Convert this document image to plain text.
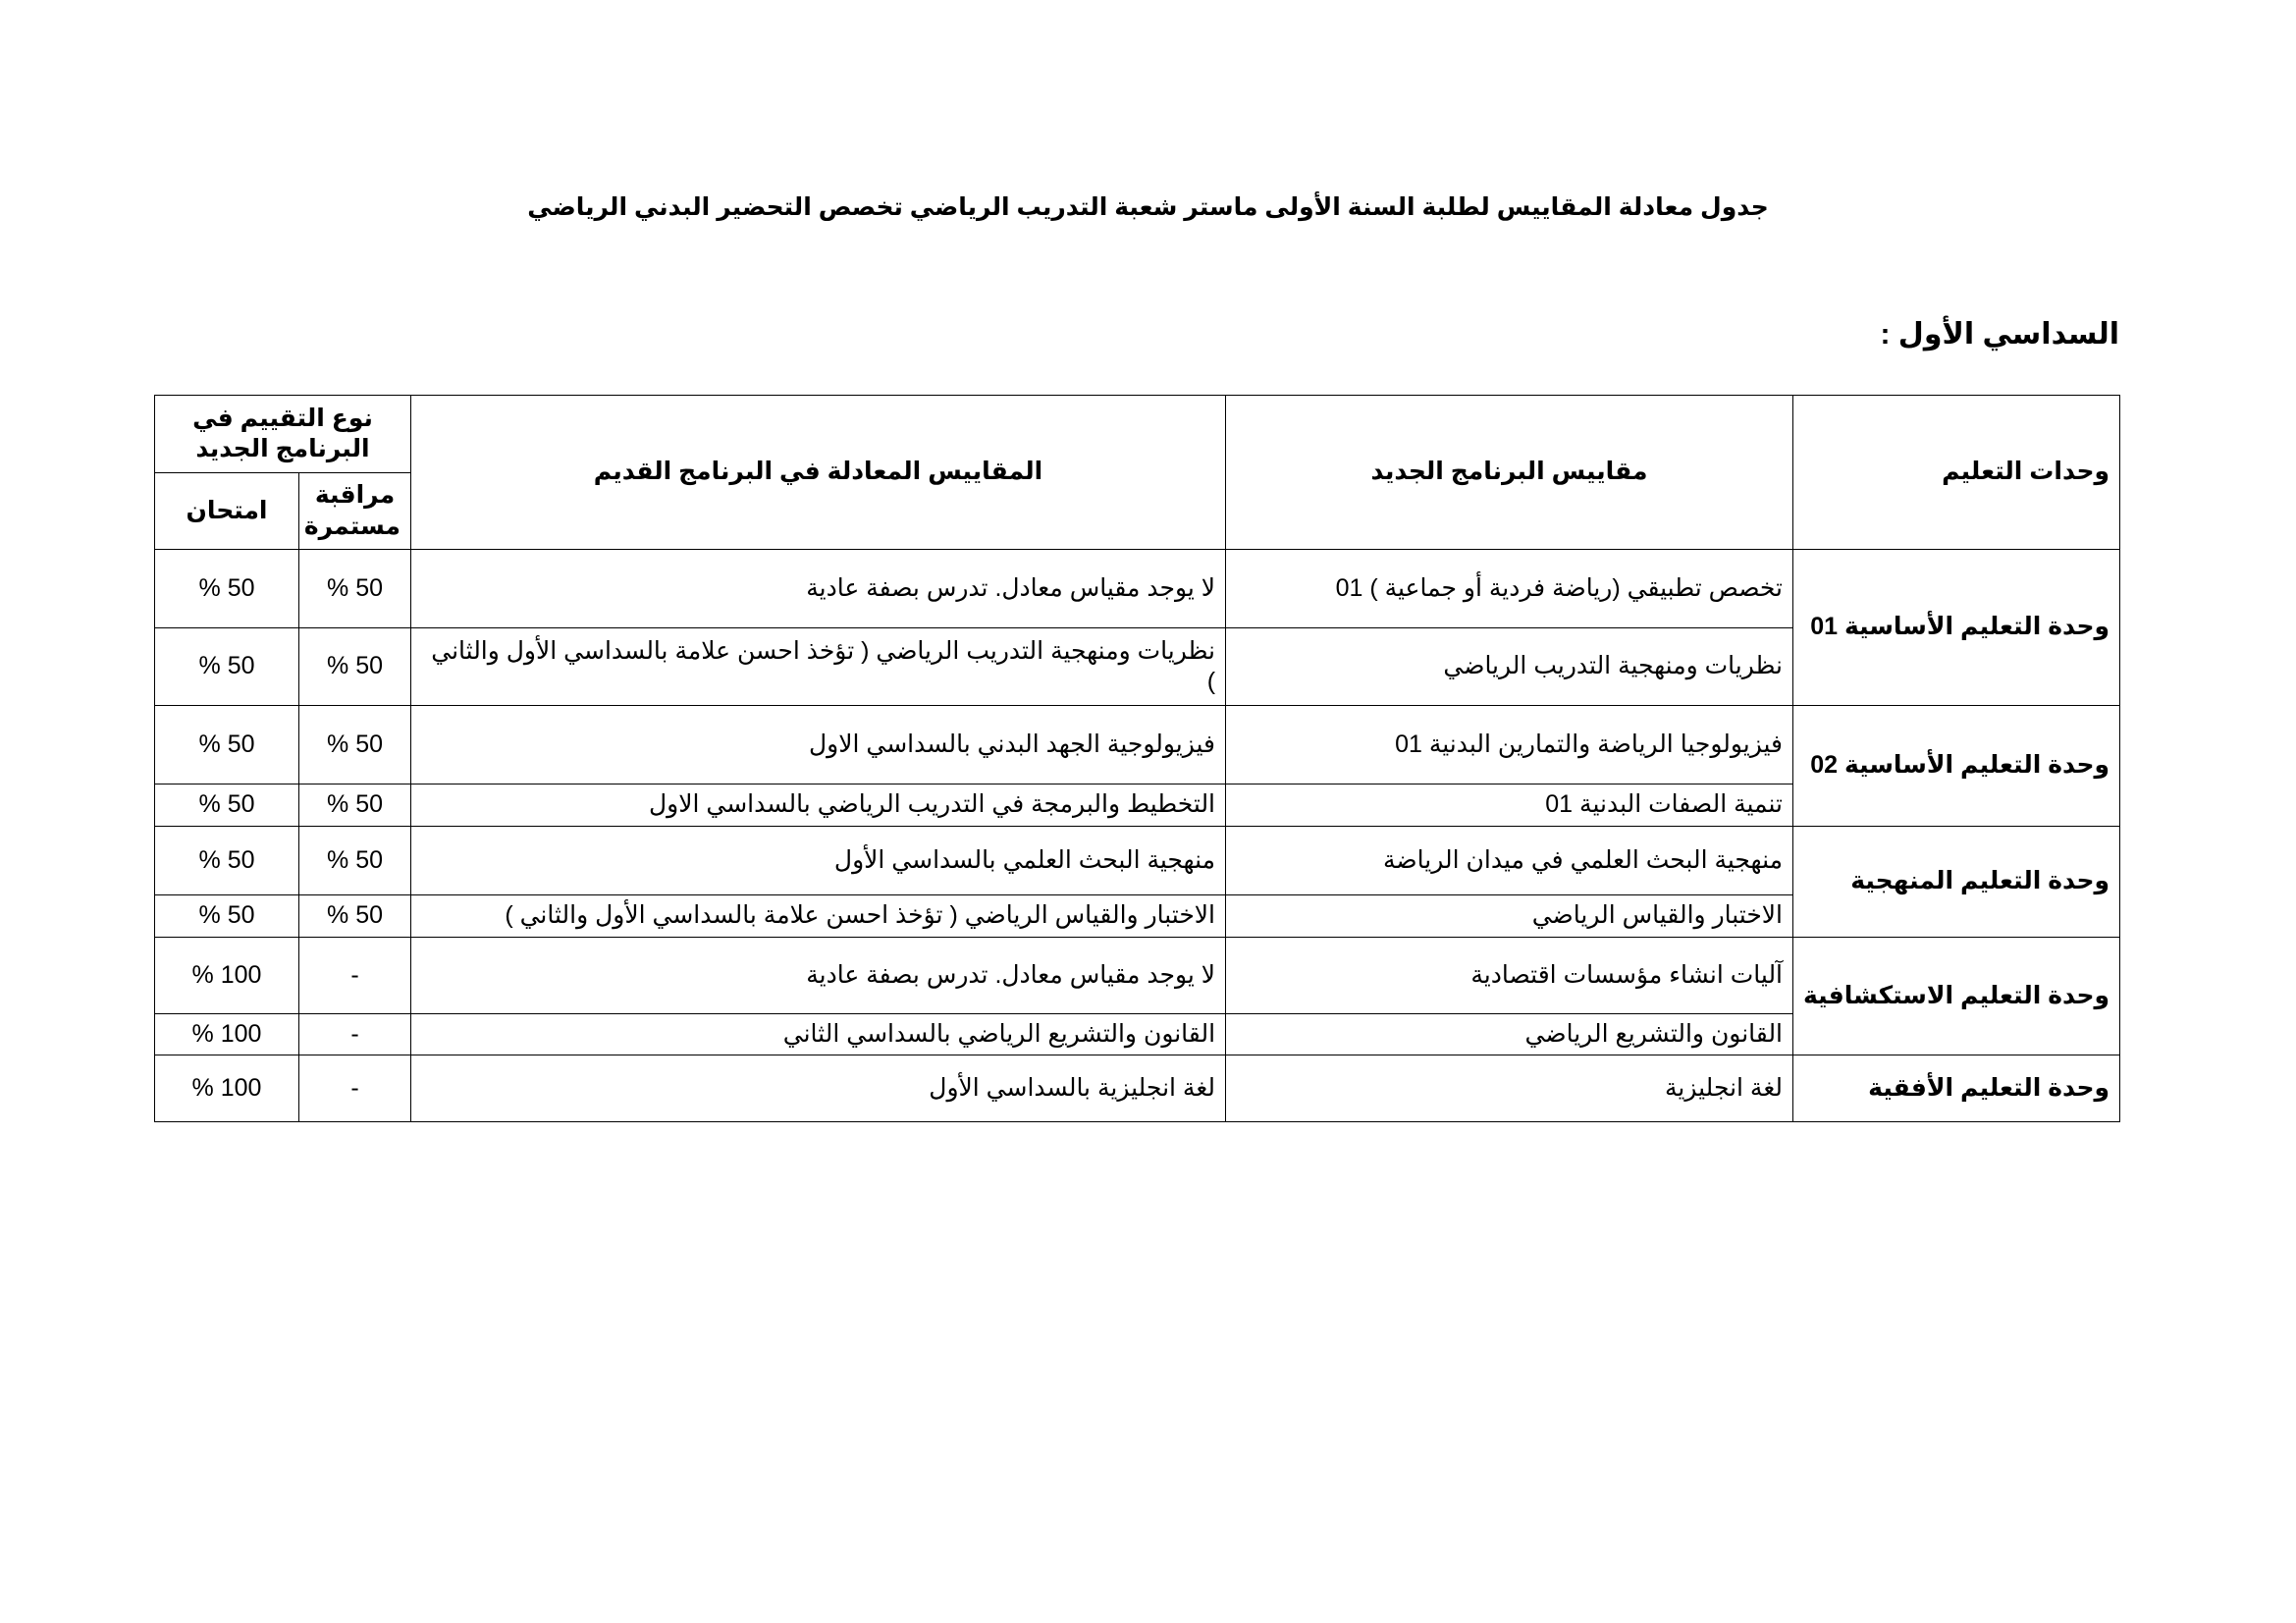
جدول معادلة المقاييس لطلبة السنة الأولى ماستر شعبة التدريب الرياضي تخصص التحضير البدني الرياضي
السداسي الأول :
وحدات التعليم	مقاييس البرنامج الجديد	المقاييس المعادلة في البرنامج القديم	نوع التقييم في البرنامج الجديد	
			مراقبة مستمرة	امتحان
وحدة التعليم الأساسية 01	تخصص تطبيقي (رياضة فردية أو جماعية ) 01	لا يوجد مقياس معادل. تدرس بصفة عادية	50 %	50 %
	نظريات ومنهجية التدريب الرياضي	نظريات ومنهجية التدريب الرياضي ( تؤخذ احسن علامة بالسداسي الأول والثاني )	50 %	50 %
وحدة التعليم الأساسية 02	فيزيولوجيا الرياضة والتمارين البدنية 01	فيزيولوجية الجهد البدني بالسداسي الاول	50 %	50 %
	تنمية الصفات البدنية 01	التخطيط والبرمجة في التدريب الرياضي بالسداسي الاول	50 %	50 %
وحدة التعليم المنهجية	منهجية البحث العلمي في ميدان الرياضة	منهجية البحث العلمي بالسداسي الأول	50 %	50 %
	الاختبار والقياس الرياضي	الاختبار والقياس الرياضي ( تؤخذ احسن علامة بالسداسي الأول والثاني )	50 %	50 %
وحدة التعليم الاستكشافية	آليات انشاء مؤسسات اقتصادية	لا يوجد مقياس معادل. تدرس بصفة عادية	-	100 %
	القانون والتشريع الرياضي	القانون والتشريع الرياضي بالسداسي الثاني	-	100 %
وحدة التعليم الأفقية	لغة انجليزية	لغة انجليزية بالسداسي الأول	-	100 %
